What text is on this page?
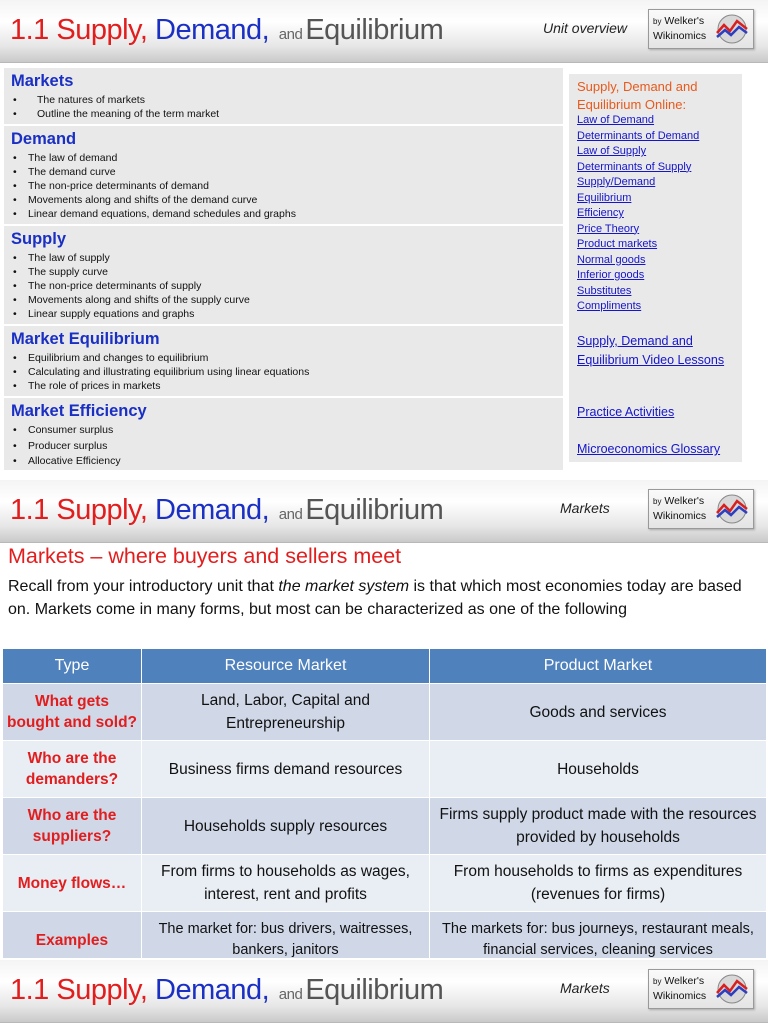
1.1 Supply, Demand, and Equilibrium	Unit overview	by Welker's
Wikinomics
Markets
• The natures of markets
• Outline the meaning of the term market
Demand
• The law of demand
• The demand curve
• The non-price determinants of demand
• Movements along and shifts of the demand curve
• Linear demand equations, demand schedules and graphs
Supply
• The law of supply
• The supply curve
• The non-price determinants of supply
• Movements along and shifts of the supply curve
• Linear supply equations and graphs
Market Equilibrium
• Equilibrium and changes to equilibrium
• Calculating and illustrating equilibrium using linear equations
• The role of prices in markets
Market Efficiency
• Consumer surplus
• Producer surplus
• Allocative Efficiency
Supply, Demand and Equilibrium Online:
Law of Demand
Determinants of Demand
Law of Supply
Determinants of Supply
Supply/Demand
Equilibrium
Efficiency
Price Theory
Product markets
Normal goods
Inferior goods
Substitutes
Compliments
Supply, Demand and Equilibrium Video Lessons
Practice Activities
Microeconomics Glossary
1.1 Supply, Demand, and Equilibrium	Markets	by Welker's
Wikinomics
Markets – where buyers and sellers meet
Recall from your introductory unit that the market system is that which most economies today are based on. Markets come in many forms, but most can be characterized as one of the following
Type	Resource Market	Product Market
What gets bought and sold?	Land, Labor, Capital and Entrepreneurship	Goods and services
Who are the demanders?	Business firms demand resources	Households
Who are the suppliers?	Households supply resources	Firms supply product made with the resources provided by households
Money flows…	From firms to households as wages, interest, rent and profits	From households to firms as expenditures (revenues for firms)
Examples	The market for: bus drivers, waitresses, bankers, janitors	The markets for: bus journeys, restaurant meals, financial services, cleaning services
1.1 Supply, Demand, and Equilibrium	Markets	by Welker's
Wikinomics
